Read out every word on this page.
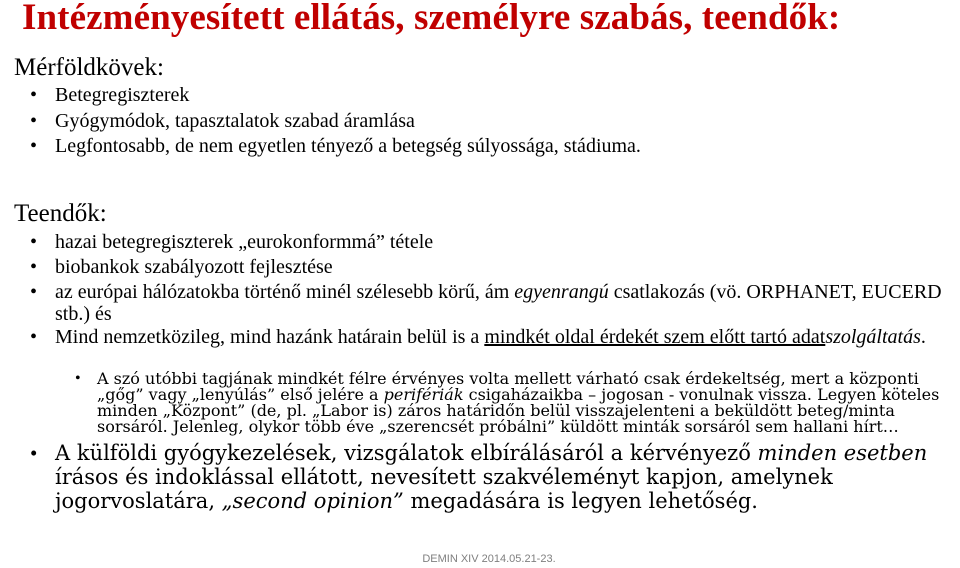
Intézményesített ellátás, személyre szabás, teendők:
Mérföldkövek:
• Betegregiszterek
• Gyógymódok, tapasztalatok szabad áramlása
• Legfontosabb, de nem egyetlen tényező a betegség súlyossága, stádiuma.
Teendők:
• hazai betegregiszterek „eurokonformmá” tétele
• biobankok szabályozott fejlesztése
• az európai hálózatokba történő minél szélesebb körű, ám egyenrangú csatlakozás (vö. ORPHANET, EUCERD stb.) és
• Mind nemzetközileg, mind hazánk határain belül is a mindkét oldal érdekét szem előtt tartó adatszolgáltatás.
• A szó utóbbi tagjának mindkét félre érvényes volta mellett várható csak érdekeltség, mert a központi „gőg” vagy „lenyúlás” első jelére a perifériák csigaházaikba – jogosan - vonulnak vissza. Legyen köteles minden „Központ” (de, pl. „Labor is) záros határidőn belül visszajelenteni a beküldött beteg/minta sorsáról. Jelenleg, olykor több éve „szerencsét próbálni” küldött minták sorsáról sem hallani hírt…
• A külföldi gyógykezelések, vizsgálatok elbírálásáról a kérvényező minden esetben írásos és indoklással ellátott, nevesített szakvéleményt kapjon, amelynek jogorvoslatára, „second opinion” megadására is legyen lehetőség.
DEMIN XIV 2014.05.21-23.
